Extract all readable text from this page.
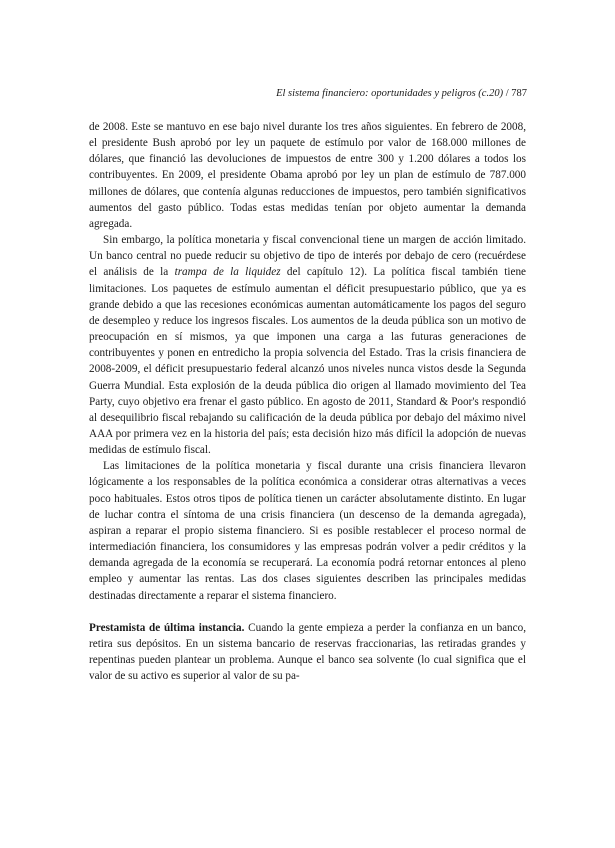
El sistema financiero: oportunidades y peligros (c.20) / 787

de 2008. Este se mantuvo en ese bajo nivel durante los tres años siguientes. En febrero de 2008, el presidente Bush aprobó por ley un paquete de estímulo por valor de 168.000 millones de dólares, que financió las devoluciones de impuestos de entre 300 y 1.200 dólares a todos los contribuyentes. En 2009, el presidente Obama aprobó por ley un plan de estímulo de 787.000 millones de dólares, que contenía algunas reducciones de impuestos, pero también significativos aumentos del gasto público. Todas estas medidas tenían por objeto aumentar la demanda agregada.

Sin embargo, la política monetaria y fiscal convencional tiene un margen de acción limitado. Un banco central no puede reducir su objetivo de tipo de interés por debajo de cero (recuérdese el análisis de la trampa de la liquidez del capítulo 12). La política fiscal también tiene limitaciones. Los paquetes de estímulo aumentan el déficit presupuestario público, que ya es grande debido a que las recesiones económicas aumentan automáticamente los pagos del seguro de desempleo y reduce los ingresos fiscales. Los aumentos de la deuda pública son un motivo de preocupación en sí mismos, ya que imponen una carga a las futuras generaciones de contribuyentes y ponen en entredicho la propia solvencia del Estado. Tras la crisis financiera de 2008-2009, el déficit presupuestario federal alcanzó unos niveles nunca vistos desde la Segunda Guerra Mundial. Esta explosión de la deuda pública dio origen al llamado movimiento del Tea Party, cuyo objetivo era frenar el gasto público. En agosto de 2011, Standard & Poor's respondió al desequilibrio fiscal rebajando su calificación de la deuda pública por debajo del máximo nivel AAA por primera vez en la historia del país; esta decisión hizo más difícil la adopción de nuevas medidas de estímulo fiscal.

Las limitaciones de la política monetaria y fiscal durante una crisis financiera llevaron lógicamente a los responsables de la política económica a considerar otras alternativas a veces poco habituales. Estos otros tipos de política tienen un carácter absolutamente distinto. En lugar de luchar contra el síntoma de una crisis financiera (un descenso de la demanda agregada), aspiran a reparar el propio sistema financiero. Si es posible restablecer el proceso normal de intermediación financiera, los consumidores y las empresas podrán volver a pedir créditos y la demanda agregada de la economía se recuperará. La economía podrá retornar entonces al pleno empleo y aumentar las rentas. Las dos clases siguientes describen las principales medidas destinadas directamente a reparar el sistema financiero.

Prestamista de última instancia. Cuando la gente empieza a perder la confianza en un banco, retira sus depósitos. En un sistema bancario de reservas fraccionarias, las retiradas grandes y repentinas pueden plantear un problema. Aunque el banco sea solvente (lo cual significa que el valor de su activo es superior al valor de su pa-
